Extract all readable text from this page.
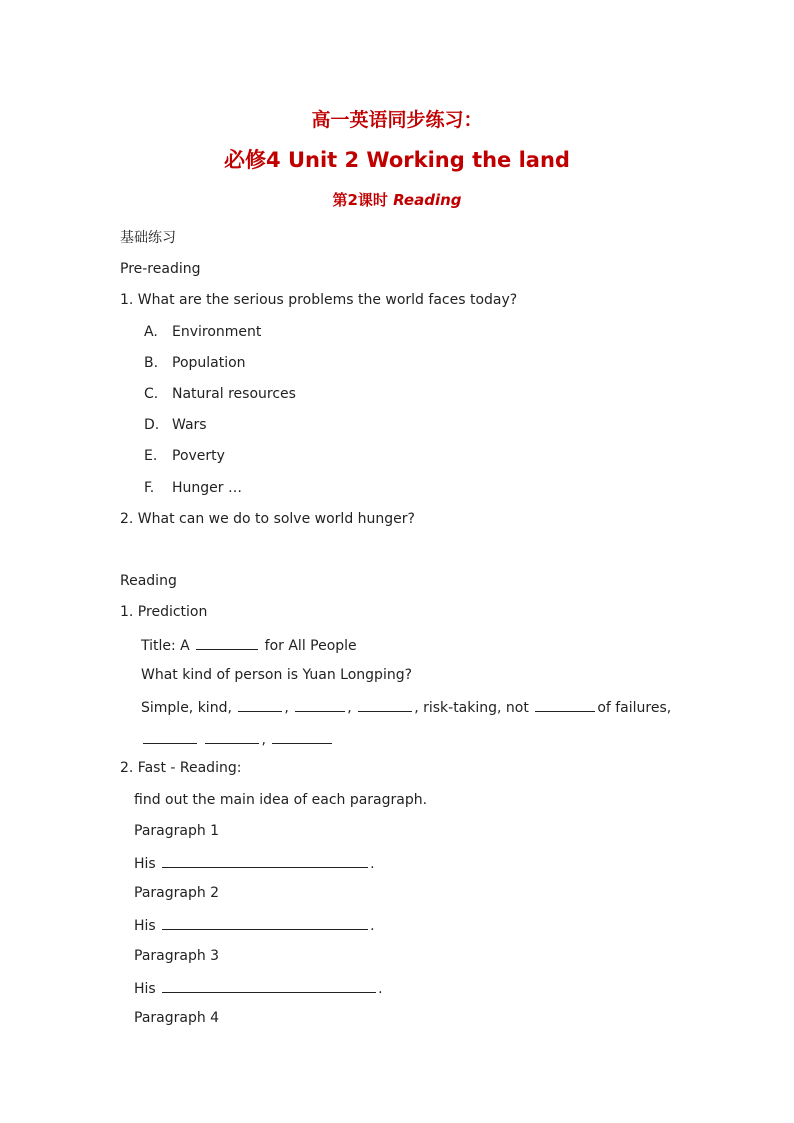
高一英语同步练习：
必修4 Unit 2 Working the land
第2课时 Reading
基础练习
Pre-reading
1. What are the serious problems the world faces today?
A. Environment
B. Population
C. Natural resources
D. Wars
E. Poverty
F. Hunger …
2. What can we do to solve world hunger?
Reading
1. Prediction
Title: A	for All People
What kind of person is Yuan Longping?
Simple, kind,	,	,	, risk-taking, not	of failures,
,
2. Fast - Reading:
find out the main idea of each paragraph.
Paragraph 1
His	.
Paragraph 2
His	.
Paragraph 3
His	.
Paragraph 4
